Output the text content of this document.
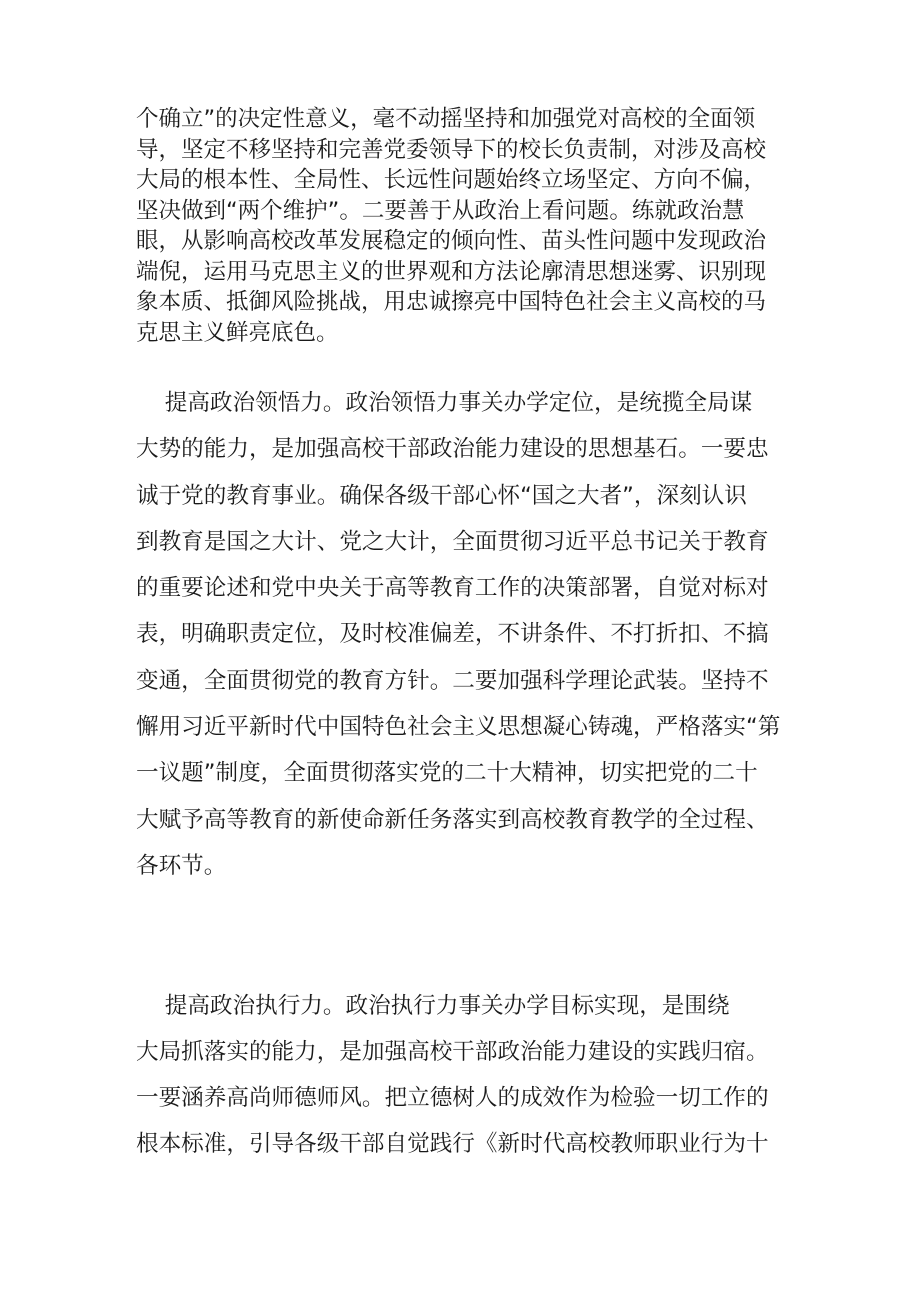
个确立”的决定性意义，毫不动摇坚持和加强党对高校的全面领
导，坚定不移坚持和完善党委领导下的校长负责制，对涉及高校
大局的根本性、全局性、长远性问题始终立场坚定、方向不偏，
坚决做到“两个维护”。二要善于从政治上看问题。练就政治慧
眼，从影响高校改革发展稳定的倾向性、苗头性问题中发现政治
端倪，运用马克思主义的世界观和方法论廓清思想迷雾、识别现
象本质、抵御风险挑战，用忠诚擦亮中国特色社会主义高校的马
克思主义鲜亮底色。
提高政治领悟力。政治领悟力事关办学定位，是统揽全局谋
大势的能力，是加强高校干部政治能力建设的思想基石。一要忠
诚于党的教育事业。确保各级干部心怀“国之大者”，深刻认识
到教育是国之大计、党之大计，全面贯彻习近平总书记关于教育
的重要论述和党中央关于高等教育工作的决策部署，自觉对标对
表，明确职责定位，及时校准偏差，不讲条件、不打折扣、不搞
变通，全面贯彻党的教育方针。二要加强科学理论武装。坚持不
懈用习近平新时代中国特色社会主义思想凝心铸魂，严格落实“第
一议题”制度，全面贯彻落实党的二十大精神，切实把党的二十
大赋予高等教育的新使命新任务落实到高校教育教学的全过程、
各环节。
提高政治执行力。政治执行力事关办学目标实现，是围绕
大局抓落实的能力，是加强高校干部政治能力建设的实践归宿。
一要涵养高尚师德师风。把立德树人的成效作为检验一切工作的
根本标准，引导各级干部自觉践行《新时代高校教师职业行为十
